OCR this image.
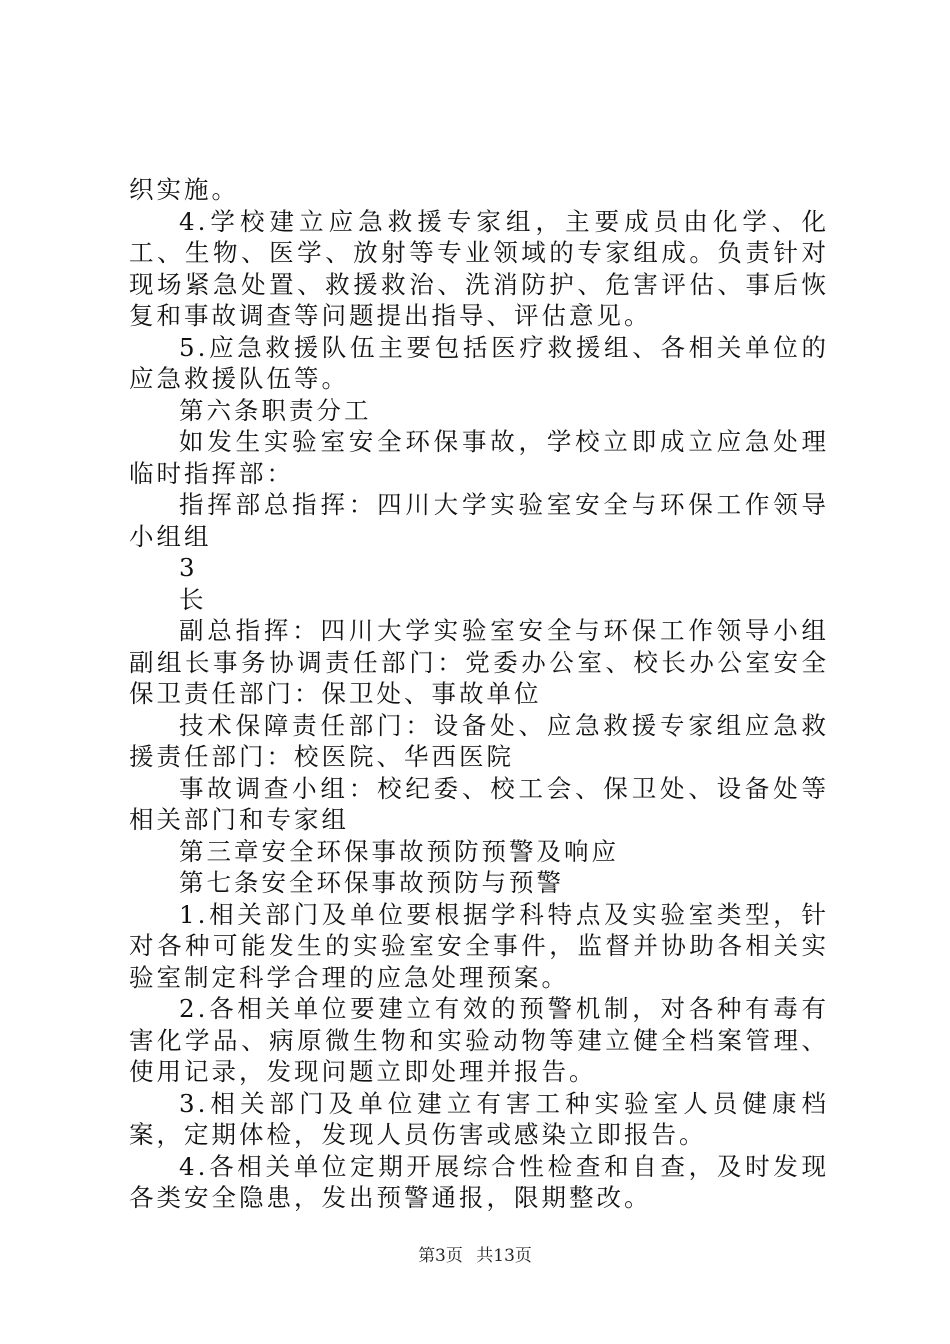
织实施。

4.学校建立应急救援专家组，主要成员由化学、化工、生物、医学、放射等专业领域的专家组成。负责针对现场紧急处置、救援救治、洗消防护、危害评估、事后恢复和事故调查等问题提出指导、评估意见。

5.应急救援队伍主要包括医疗救援组、各相关单位的应急救援队伍等。

第六条职责分工

如发生实验室安全环保事故，学校立即成立应急处理临时指挥部：

指挥部总指挥：四川大学实验室安全与环保工作领导小组组

3

长

副总指挥：四川大学实验室安全与环保工作领导小组副组长事务协调责任部门：党委办公室、校长办公室安全保卫责任部门：保卫处、事故单位

技术保障责任部门：设备处、应急救援专家组应急救援责任部门：校医院、华西医院

事故调查小组：校纪委、校工会、保卫处、设备处等相关部门和专家组

第三章安全环保事故预防预警及响应

第七条安全环保事故预防与预警

1.相关部门及单位要根据学科特点及实验室类型，针对各种可能发生的实验室安全事件，监督并协助各相关实验室制定科学合理的应急处理预案。

2.各相关单位要建立有效的预警机制，对各种有毒有害化学品、病原微生物和实验动物等建立健全档案管理、使用记录，发现问题立即处理并报告。

3.相关部门及单位建立有害工种实验室人员健康档案，定期体检，发现人员伤害或感染立即报告。

4.各相关单位定期开展综合性检查和自查，及时发现各类安全隐患，发出预警通报，限期整改。

第3页 共13页
